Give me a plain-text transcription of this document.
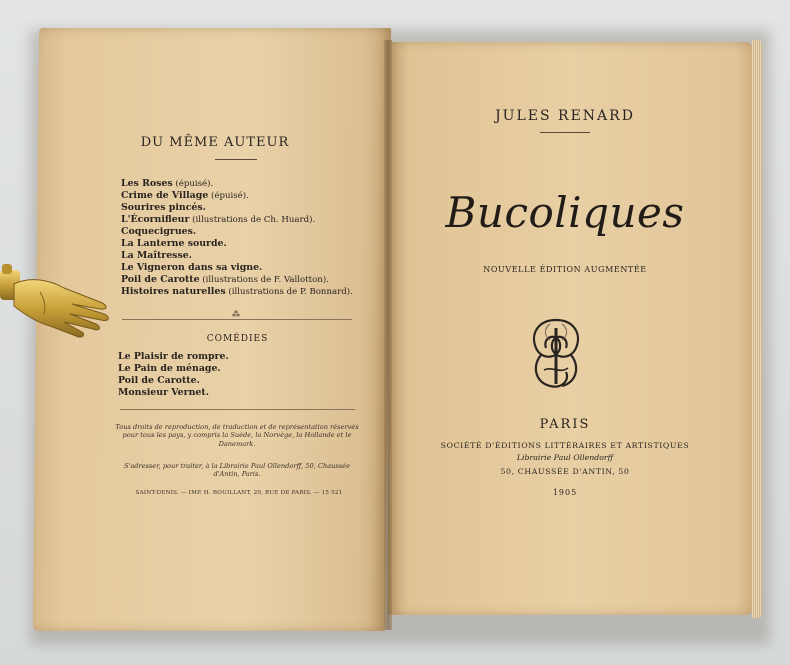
DU MÊME AUTEUR
Les Roses (épuisé).
Crime de Village (épuisé).
Sourires pincés.
L'Écornifleur (illustrations de Ch. Huard).
Coquecigrues.
La Lanterne sourde.
La Maîtresse.
Le Vigneron dans sa vigne.
Poil de Carotte (illustrations de F. Vallotton).
Histoires naturelles (illustrations de P. Bonnard).
⁂
COMÉDIES
Le Plaisir de rompre.
Le Pain de ménage.
Poil de Carotte.
Monsieur Vernet.
Tous droits de reproduction, de traduction et de représentation réservés pour tous les pays, y compris la Suède, la Norvège, la Hollande et le Danemark.
S'adresser, pour traiter, à la Librairie Paul Ollendorff, 50, Chaussée d'Antin, Paris.
SAINT-DENIS. — IMP. H. BOUILLANT, 20, RUE DE PARIS. — 15 521
JULES RENARD
Bucoliques
NOUVELLE ÉDITION AUGMENTÉE
PARIS
SOCIÉTÉ D'ÉDITIONS LITTÉRAIRES ET ARTISTIQUES
Librairie Paul Ollendorff
50, CHAUSSÉE D'ANTIN, 50
1905
